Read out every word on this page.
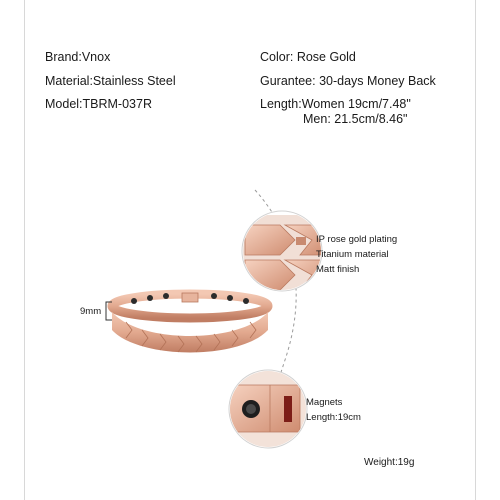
Brand:Vnox
Material:Stainless Steel
Model:TBRM-037R
Color: Rose Gold
Gurantee: 30-days Money Back
Length:Women 19cm/7.48"
Men: 21.5cm/8.46"
IP rose gold plating
Titanium material
Matt finish
Magnets
Length:19cm
9mm
Weight:19g
